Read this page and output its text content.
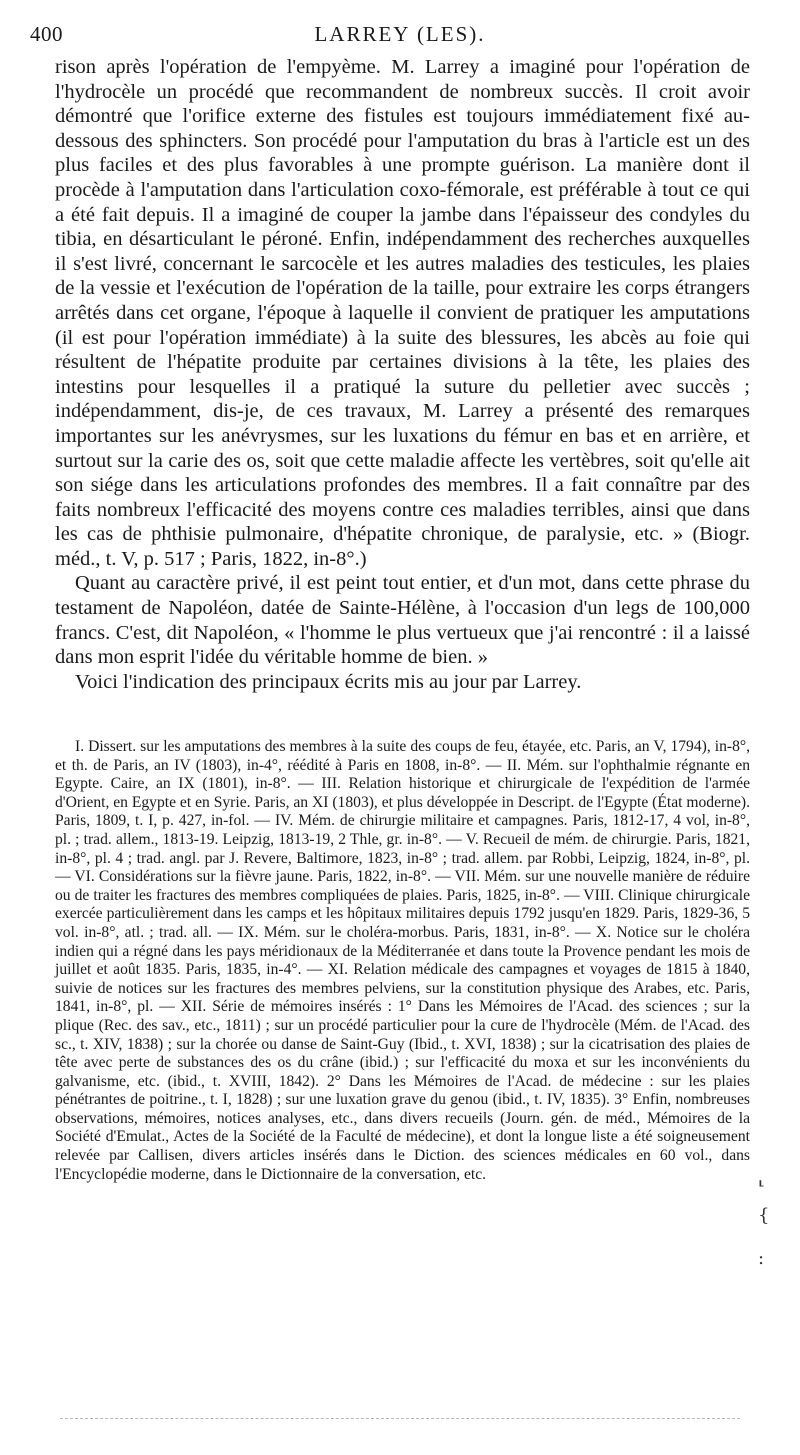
400	LARREY (LES).

rison après l'opération de l'empyème. M. Larrey a imaginé pour l'opération de l'hydrocèle un procédé que recommandent de nombreux succès. Il croit avoir démontré que l'orifice externe des fistules est toujours immédiatement fixé au-dessous des sphincters. Son procédé pour l'amputation du bras à l'article est un des plus faciles et des plus favorables à une prompte guérison. La manière dont il procède à l'amputation dans l'articulation coxo-fémorale, est préférable à tout ce qui a été fait depuis. Il a imaginé de couper la jambe dans l'épaisseur des condyles du tibia, en désarticulant le péroné. Enfin, indépendamment des recherches auxquelles il s'est livré, concernant le sarcocèle et les autres maladies des testicules, les plaies de la vessie et l'exécution de l'opération de la taille, pour extraire les corps étrangers arrêtés dans cet organe, l'époque à laquelle il convient de pratiquer les amputations (il est pour l'opération immédiate) à la suite des blessures, les abcès au foie qui résultent de l'hépatite produite par certaines divisions à la tête, les plaies des intestins pour lesquelles il a pratiqué la suture du pelletier avec succès ; indépendamment, dis-je, de ces travaux, M. Larrey a présenté des remarques importantes sur les anévrysmes, sur les luxations du fémur en bas et en arrière, et surtout sur la carie des os, soit que cette maladie affecte les vertèbres, soit qu'elle ait son siége dans les articulations profondes des membres. Il a fait connaître par des faits nombreux l'efficacité des moyens contre ces maladies terribles, ainsi que dans les cas de phthisie pulmonaire, d'hépatite chronique, de paralysie, etc. » (Biogr. méd., t. V, p. 517 ; Paris, 1822, in-8°.)

Quant au caractère privé, il est peint tout entier, et d'un mot, dans cette phrase du testament de Napoléon, datée de Sainte-Hélène, à l'occasion d'un legs de 100,000 francs. C'est, dit Napoléon, « l'homme le plus vertueux que j'ai rencontré : il a laissé dans mon esprit l'idée du véritable homme de bien. »

Voici l'indication des principaux écrits mis au jour par Larrey.

I. Dissert. sur les amputations des membres à la suite des coups de feu, étayée, etc. Paris, an V, 1794), in-8°, et th. de Paris, an IV (1803), in-4°, réédité à Paris en 1808, in-8°. — II. Mém. sur l'ophthalmie régnante en Egypte. Caire, an IX (1801), in-8°. — III. Relation historique et chirurgicale de l'expédition de l'armée d'Orient, en Egypte et en Syrie. Paris, an XI (1803), et plus développée in Descript. de l'Egypte (État moderne). Paris, 1809, t. I, p. 427, in-fol. — IV. Mém. de chirurgie militaire et campagnes. Paris, 1812-17, 4 vol, in-8°, pl. ; trad. allem., 1813-19. Leipzig, 1813-19, 2 Thle, gr. in-8°. — V. Recueil de mém. de chirurgie. Paris, 1821, in-8°, pl. 4 ; trad. angl. par J. Revere, Baltimore, 1823, in-8° ; trad. allem. par Robbi, Leipzig, 1824, in-8°, pl. — VI. Considérations sur la fièvre jaune. Paris, 1822, in-8°. — VII. Mém. sur une nouvelle manière de réduire ou de traiter les fractures des membres compliquées de plaies. Paris, 1825, in-8°. — VIII. Clinique chirurgicale exercée particulièrement dans les camps et les hôpitaux militaires depuis 1792 jusqu'en 1829. Paris, 1829-36, 5 vol. in-8°, atl. ; trad. all. — IX. Mém. sur le choléra-morbus. Paris, 1831, in-8°. — X. Notice sur le choléra indien qui a régné dans les pays méridionaux de la Méditerranée et dans toute la Provence pendant les mois de juillet et août 1835. Paris, 1835, in-4°. — XI. Relation médicale des campagnes et voyages de 1815 à 1840, suivie de notices sur les fractures des membres pelviens, sur la constitution physique des Arabes, etc. Paris, 1841, in-8°, pl. — XII. Série de mémoires insérés : 1° Dans les Mémoires de l'Acad. des sciences ; sur la plique (Rec. des sav., etc., 1811) ; sur un procédé particulier pour la cure de l'hydrocèle (Mém. de l'Acad. des sc., t. XIV, 1838) ; sur la chorée ou danse de Saint-Guy (Ibid., t. XVI, 1838) ; sur la cicatrisation des plaies de tête avec perte de substances des os du crâne (ibid.) ; sur l'efficacité du moxa et sur les inconvénients du galvanisme, etc. (ibid., t. XVIII, 1842). 2° Dans les Mémoires de l'Acad. de médecine : sur les plaies pénétrantes de poitrine., t. I, 1828) ; sur une luxation grave du genou (ibid., t. IV, 1835). 3° Enfin, nombreuses observations, mémoires, notices analyses, etc., dans divers recueils (Journ. gén. de méd., Mémoires de la Société d'Emulat., Actes de la Société de la Faculté de médecine), et dont la longue liste a été soigneusement relevée par Callisen, divers articles insérés dans le Diction. des sciences médicales en 60 vol., dans l'Encyclopédie moderne, dans le Dictionnaire de la conversation, etc.	⸤
{
:
